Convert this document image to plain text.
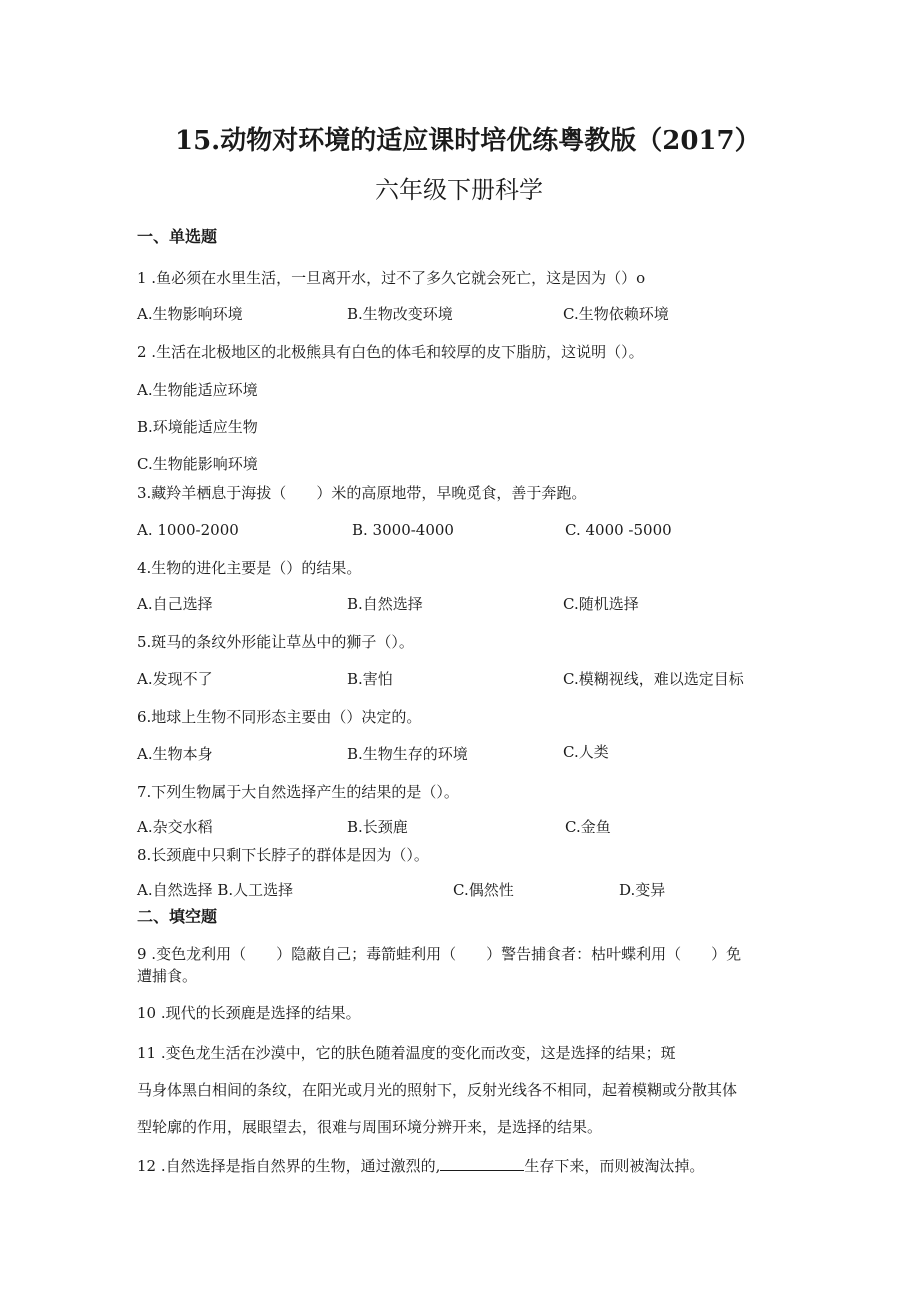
15.动物对环境的适应课时培优练粤教版（2017）
六年级下册科学
一、单选题
1 .鱼必须在水里生活，一旦离开水，过不了多久它就会死亡，这是因为（）o
A.生物影响环境	B.生物改变环境	C.生物依赖环境
2 .生活在北极地区的北极熊具有白色的体毛和较厚的皮下脂肪，这说明（）。
A.生物能适应环境
B.环境能适应生物
C.生物能影响环境
3.藏羚羊栖息于海拔（　　）米的高原地带，早晚觅食，善于奔跑。
A. 1000-2000	B. 3000-4000	C. 4000 -5000
4.生物的进化主要是（）的结果。
A.自己选择	B.自然选择	C.随机选择
5.斑马的条纹外形能让草丛中的狮子（）。
A.发现不了	B.害怕	C.模糊视线，难以选定目标
6.地球上生物不同形态主要由（）决定的。
A.生物本身	B.生物生存的环境	C.人类
7.下列生物属于大自然选择产生的结果的是（）。
A.杂交水稻	B.长颈鹿	C.金鱼
8.长颈鹿中只剩下长脖子的群体是因为（）。
A.自然选择 B.人工选择	C.偶然性	D.变异
二、填空题
9 .变色龙利用（　　）隐蔽自己；毒箭蛙利用（　　）警告捕食者：枯叶蝶利用（　　）免
遭捕食。
10 .现代的长颈鹿是选择的结果。
11 .变色龙生活在沙漠中，它的肤色随着温度的变化而改变，这是选择的结果；斑
马身体黑白相间的条纹，在阳光或月光的照射下，反射光线各不相同，起着模糊或分散其体
型轮廓的作用，展眼望去，很难与周围环境分辨开来，是选择的结果。
12 .自然选择是指自然界的生物，通过激烈的,	生存下来，而则被淘汰掉。
